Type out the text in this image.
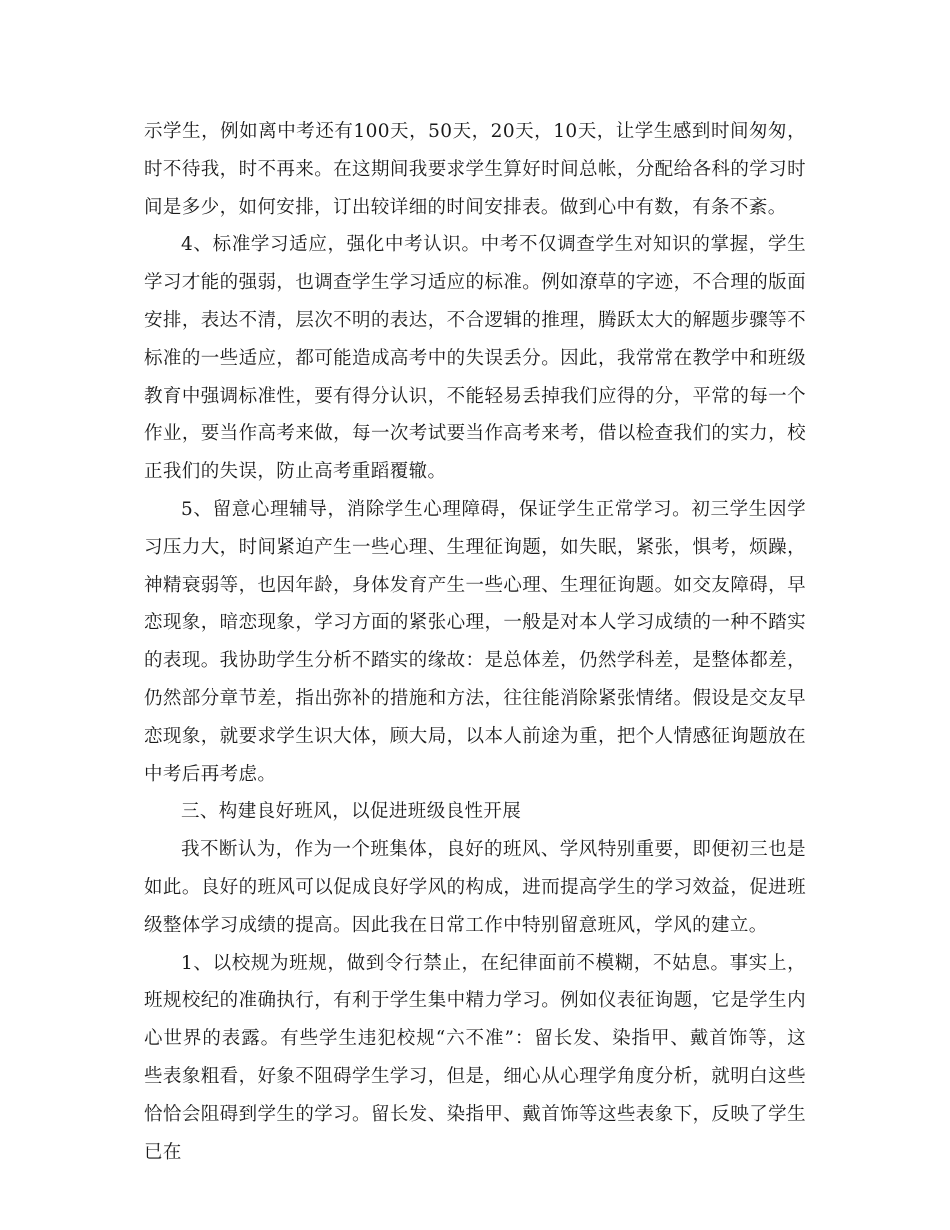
示学生，例如离中考还有100天，50天，20天，10天，让学生感到时间匆匆，时不待我，时不再来。在这期间我要求学生算好时间总帐，分配给各科的学习时间是多少，如何安排，订出较详细的时间安排表。做到心中有数，有条不紊。

4、标准学习适应，强化中考认识。中考不仅调查学生对知识的掌握，学生学习才能的强弱，也调查学生学习适应的标准。例如潦草的字迹，不合理的版面安排，表达不清，层次不明的表达，不合逻辑的推理，腾跃太大的解题步骤等不标准的一些适应，都可能造成高考中的失误丢分。因此，我常常在教学中和班级教育中强调标准性，要有得分认识，不能轻易丢掉我们应得的分，平常的每一个作业，要当作高考来做，每一次考试要当作高考来考，借以检查我们的实力，校正我们的失误，防止高考重蹈覆辙。

5、留意心理辅导，消除学生心理障碍，保证学生正常学习。初三学生因学习压力大，时间紧迫产生一些心理、生理征询题，如失眠，紧张，惧考，烦躁，神精衰弱等，也因年龄，身体发育产生一些心理、生理征询题。如交友障碍，早恋现象，暗恋现象，学习方面的紧张心理，一般是对本人学习成绩的一种不踏实的表现。我协助学生分析不踏实的缘故：是总体差，仍然学科差，是整体都差，仍然部分章节差，指出弥补的措施和方法，往往能消除紧张情绪。假设是交友早恋现象，就要求学生识大体，顾大局，以本人前途为重，把个人情感征询题放在中考后再考虑。

三、构建良好班风，以促进班级良性开展

我不断认为，作为一个班集体，良好的班风、学风特别重要，即便初三也是如此。良好的班风可以促成良好学风的构成，进而提高学生的学习效益，促进班级整体学习成绩的提高。因此我在日常工作中特别留意班风，学风的建立。

1、以校规为班规，做到令行禁止，在纪律面前不模糊，不姑息。事实上，班规校纪的准确执行，有利于学生集中精力学习。例如仪表征询题，它是学生内心世界的表露。有些学生违犯校规“六不准”：留长发、染指甲、戴首饰等，这些表象粗看，好象不阻碍学生学习，但是，细心从心理学角度分析，就明白这些恰恰会阻碍到学生的学习。留长发、染指甲、戴首饰等这些表象下，反映了学生已在
